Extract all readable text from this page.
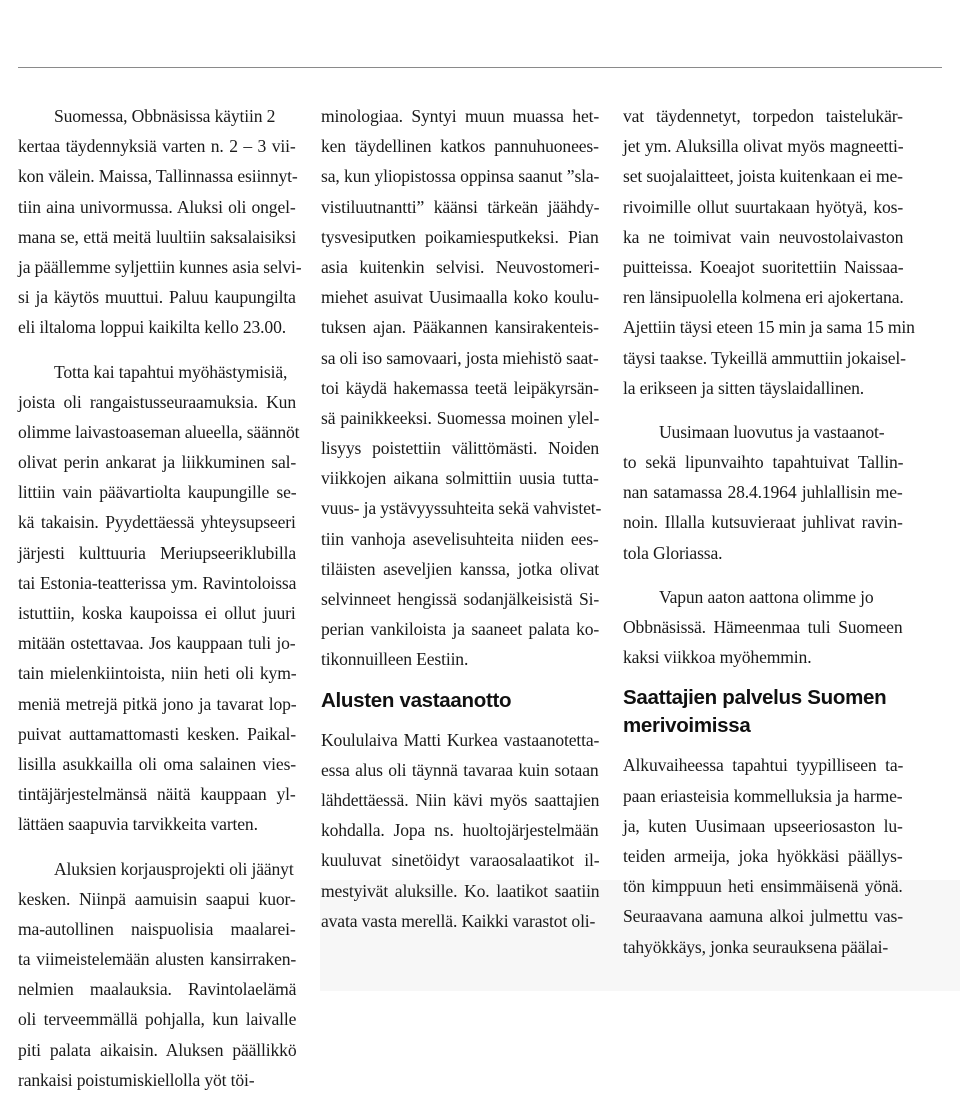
Suomessa, Obbnäsissa käytiin 2
kertaa täydennyksiä varten n. 2 – 3 vii-
kon välein. Maissa, Tallinnassa esiinnyt-
tiin aina univormussa. Aluksi oli ongel-
mana se, että meitä luultiin saksalaisiksi
ja päällemme syljettiin kunnes asia selvi-
si ja käytös muuttui. Paluu kaupungilta
eli iltaloma loppui kaikilta kello 23.00.
Totta kai tapahtui myöhästymisiä,
joista oli rangaistusseuraamuksia. Kun
olimme laivastoaseman alueella, säännöt
olivat perin ankarat ja liikkuminen sal-
littiin vain päävartiolta kaupungille se-
kä takaisin. Pyydettäessä yhteysupseeri
järjesti kulttuuria Meriupseeriklubilla
tai Estonia-teatterissa ym. Ravintoloissa
istuttiin, koska kaupoissa ei ollut juuri
mitään ostettavaa. Jos kauppaan tuli jo-
tain mielenkiintoista, niin heti oli kym-
meniä metrejä pitkä jono ja tavarat lop-
puivat auttamattomasti kesken. Paikal-
lisilla asukkailla oli oma salainen vies-
tintäjärjestelmänsä näitä kauppaan yl-
lättäen saapuvia tarvikkeita varten.
Aluksien korjausprojekti oli jäänyt
kesken. Niinpä aamuisin saapui kuor-
ma-autollinen naispuolisia maalarei-
ta viimeistelemään alusten kansirraken-
nelmien maalauksia. Ravintolaelämä
oli terveemmällä pohjalla, kun laivalle
piti palata aikaisin. Aluksen päällikkö
rankaisi poistumiskiellolla yöt töi-
minologiaa. Syntyi muun muassa het-
ken täydellinen katkos pannuhuonees-
sa, kun yliopistossa oppinsa saanut ”sla-
vistiluutnantti” käänsi tärkeän jäähdy-
tysvesiputken poikamiesputkeksi. Pian
asia kuitenkin selvisi. Neuvostomeri-
miehet asuivat Uusimaalla koko koulu-
tuksen ajan. Pääkannen kansirakenteis-
sa oli iso samovaari, josta miehistö saat-
toi käydä hakemassa teetä leipäkyrsän-
sä painikkeeksi. Suomessa moinen ylel-
lisyys poistettiin välittömästi. Noiden
viikkojen aikana solmittiin uusia tutta-
vuus- ja ystävyyssuhteita sekä vahvistet-
tiin vanhoja asevelisuhteita niiden ees-
tiläisten aseveljien kanssa, jotka olivat
selvinneet hengissä sodanjälkeisistä Si-
perian vankiloista ja saaneet palata ko-
tikonnuilleen Eestiin.
Alusten vastaanotto
Koululaiva Matti Kurkea vastaanotetta-
essa alus oli täynnä tavaraa kuin sotaan
lähdettäessä. Niin kävi myös saattajien
kohdalla. Jopa ns. huoltojärjestelmään
kuuluvat sinetöidyt varaosalaatikot il-
mestyivät aluksille. Ko. laatikot saatiin
avata vasta merellä. Kaikki varastot oli-
vat täydennetyt, torpedon taistelukär-
jet ym. Aluksilla olivat myös magneetti-
set suojalaitteet, joista kuitenkaan ei me-
rivoimille ollut suurtakaan hyötyä, kos-
ka ne toimivat vain neuvostolaivaston
puitteissa. Koeajot suoritettiin Naissaa-
ren länsipuolella kolmena eri ajokertana.
Ajettiin täysi eteen 15 min ja sama 15 min
täysi taakse. Tykeillä ammuttiin jokaisel-
la erikseen ja sitten täyslaidallinen.
Uusimaan luovutus ja vastaanot-
to sekä lipunvaihto tapahtuivat Tallin-
nan satamassa 28.4.1964 juhlallisin me-
noin. Illalla kutsuvieraat juhlivat ravin-
tola Gloriassa.
Vapun aaton aattona olimme jo
Obbnäsissä. Hämeenmaa tuli Suomeen
kaksi viikkoa myöhemmin.
Saattajien palvelus Suomen
merivoimissa
Alkuvaiheessa tapahtui tyypilliseen ta-
paan eriasteisia kommelluksia ja harme-
ja, kuten Uusimaan upseeriosaston lu-
teiden armeija, joka hyökkäsi päällys-
tön kimppuun heti ensimmäisenä yönä.
Seuraavana aamuna alkoi julmettu vas-
tahyökkäys, jonka seurauksena päälai-
